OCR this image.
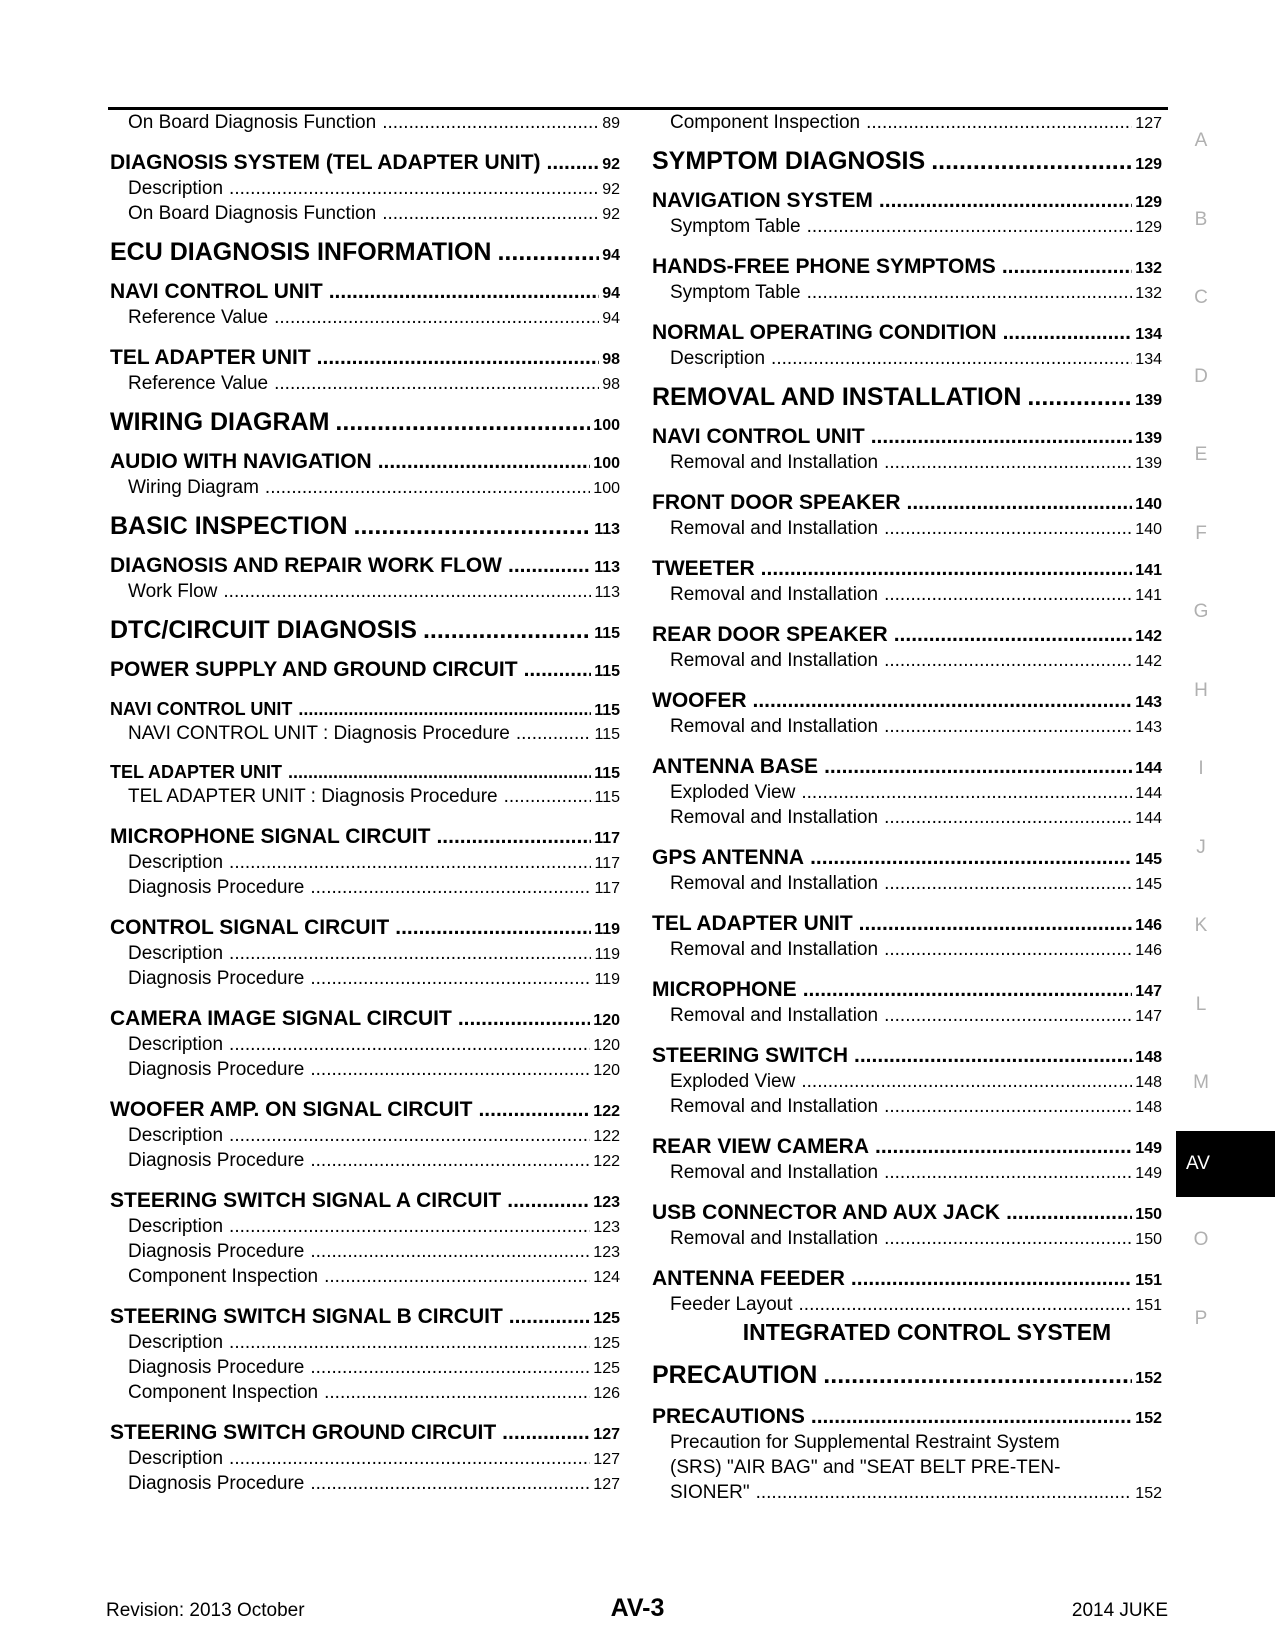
On Board Diagnosis Function .....	89
DIAGNOSIS SYSTEM (TEL ADAPTER UNIT) .....	92
Description .....	92
On Board Diagnosis Function .....	92
ECU DIAGNOSIS INFORMATION .....	94
NAVI CONTROL UNIT .....	94
Reference Value .....	94
TEL ADAPTER UNIT .....	98
Reference Value .....	98
WIRING DIAGRAM .....	100
AUDIO WITH NAVIGATION .....	100
Wiring Diagram .....	100
BASIC INSPECTION .....	113
DIAGNOSIS AND REPAIR WORK FLOW .....	113
Work Flow .....	113
DTC/CIRCUIT DIAGNOSIS .....	115
POWER SUPPLY AND GROUND CIRCUIT .....	115
NAVI CONTROL UNIT .....	115
NAVI CONTROL UNIT : Diagnosis Procedure .....	115
TEL ADAPTER UNIT .....	115
TEL ADAPTER UNIT : Diagnosis Procedure .....	115
MICROPHONE SIGNAL CIRCUIT .....	117
Description .....	117
Diagnosis Procedure .....	117
CONTROL SIGNAL CIRCUIT .....	119
Description .....	119
Diagnosis Procedure .....	119
CAMERA IMAGE SIGNAL CIRCUIT .....	120
Description .....	120
Diagnosis Procedure .....	120
WOOFER AMP. ON SIGNAL CIRCUIT .....	122
Description .....	122
Diagnosis Procedure .....	122
STEERING SWITCH SIGNAL A CIRCUIT .....	123
Description .....	123
Diagnosis Procedure .....	123
Component Inspection .....	124
STEERING SWITCH SIGNAL B CIRCUIT .....	125
Description .....	125
Diagnosis Procedure .....	125
Component Inspection .....	126
STEERING SWITCH GROUND CIRCUIT .....	127
Description .....	127
Diagnosis Procedure .....	127
Component Inspection .....	127
SYMPTOM DIAGNOSIS .....	129
NAVIGATION SYSTEM .....	129
Symptom Table .....	129
HANDS-FREE PHONE SYMPTOMS .....	132
Symptom Table .....	132
NORMAL OPERATING CONDITION .....	134
Description .....	134
REMOVAL AND INSTALLATION .....	139
NAVI CONTROL UNIT .....	139
Removal and Installation .....	139
FRONT DOOR SPEAKER .....	140
Removal and Installation .....	140
TWEETER .....	141
Removal and Installation .....	141
REAR DOOR SPEAKER .....	142
Removal and Installation .....	142
WOOFER .....	143
Removal and Installation .....	143
ANTENNA BASE .....	144
Exploded View .....	144
Removal and Installation .....	144
GPS ANTENNA .....	145
Removal and Installation .....	145
TEL ADAPTER UNIT .....	146
Removal and Installation .....	146
MICROPHONE .....	147
Removal and Installation .....	147
STEERING SWITCH .....	148
Exploded View .....	148
Removal and Installation .....	148
REAR VIEW CAMERA .....	149
Removal and Installation .....	149
USB CONNECTOR AND AUX JACK .....	150
Removal and Installation .....	150
ANTENNA FEEDER .....	151
Feeder Layout .....	151
INTEGRATED CONTROL SYSTEM
PRECAUTION .....	152
PRECAUTIONS .....	152
Precaution for Supplemental Restraint System
(SRS) "AIR BAG" and "SEAT BELT PRE-TEN-
SIONER" .....	152
A
B
C
D
E
F
G
H
I
J
K
L
M
AV
O
P
Revision: 2013 October	AV-3	2014 JUKE
